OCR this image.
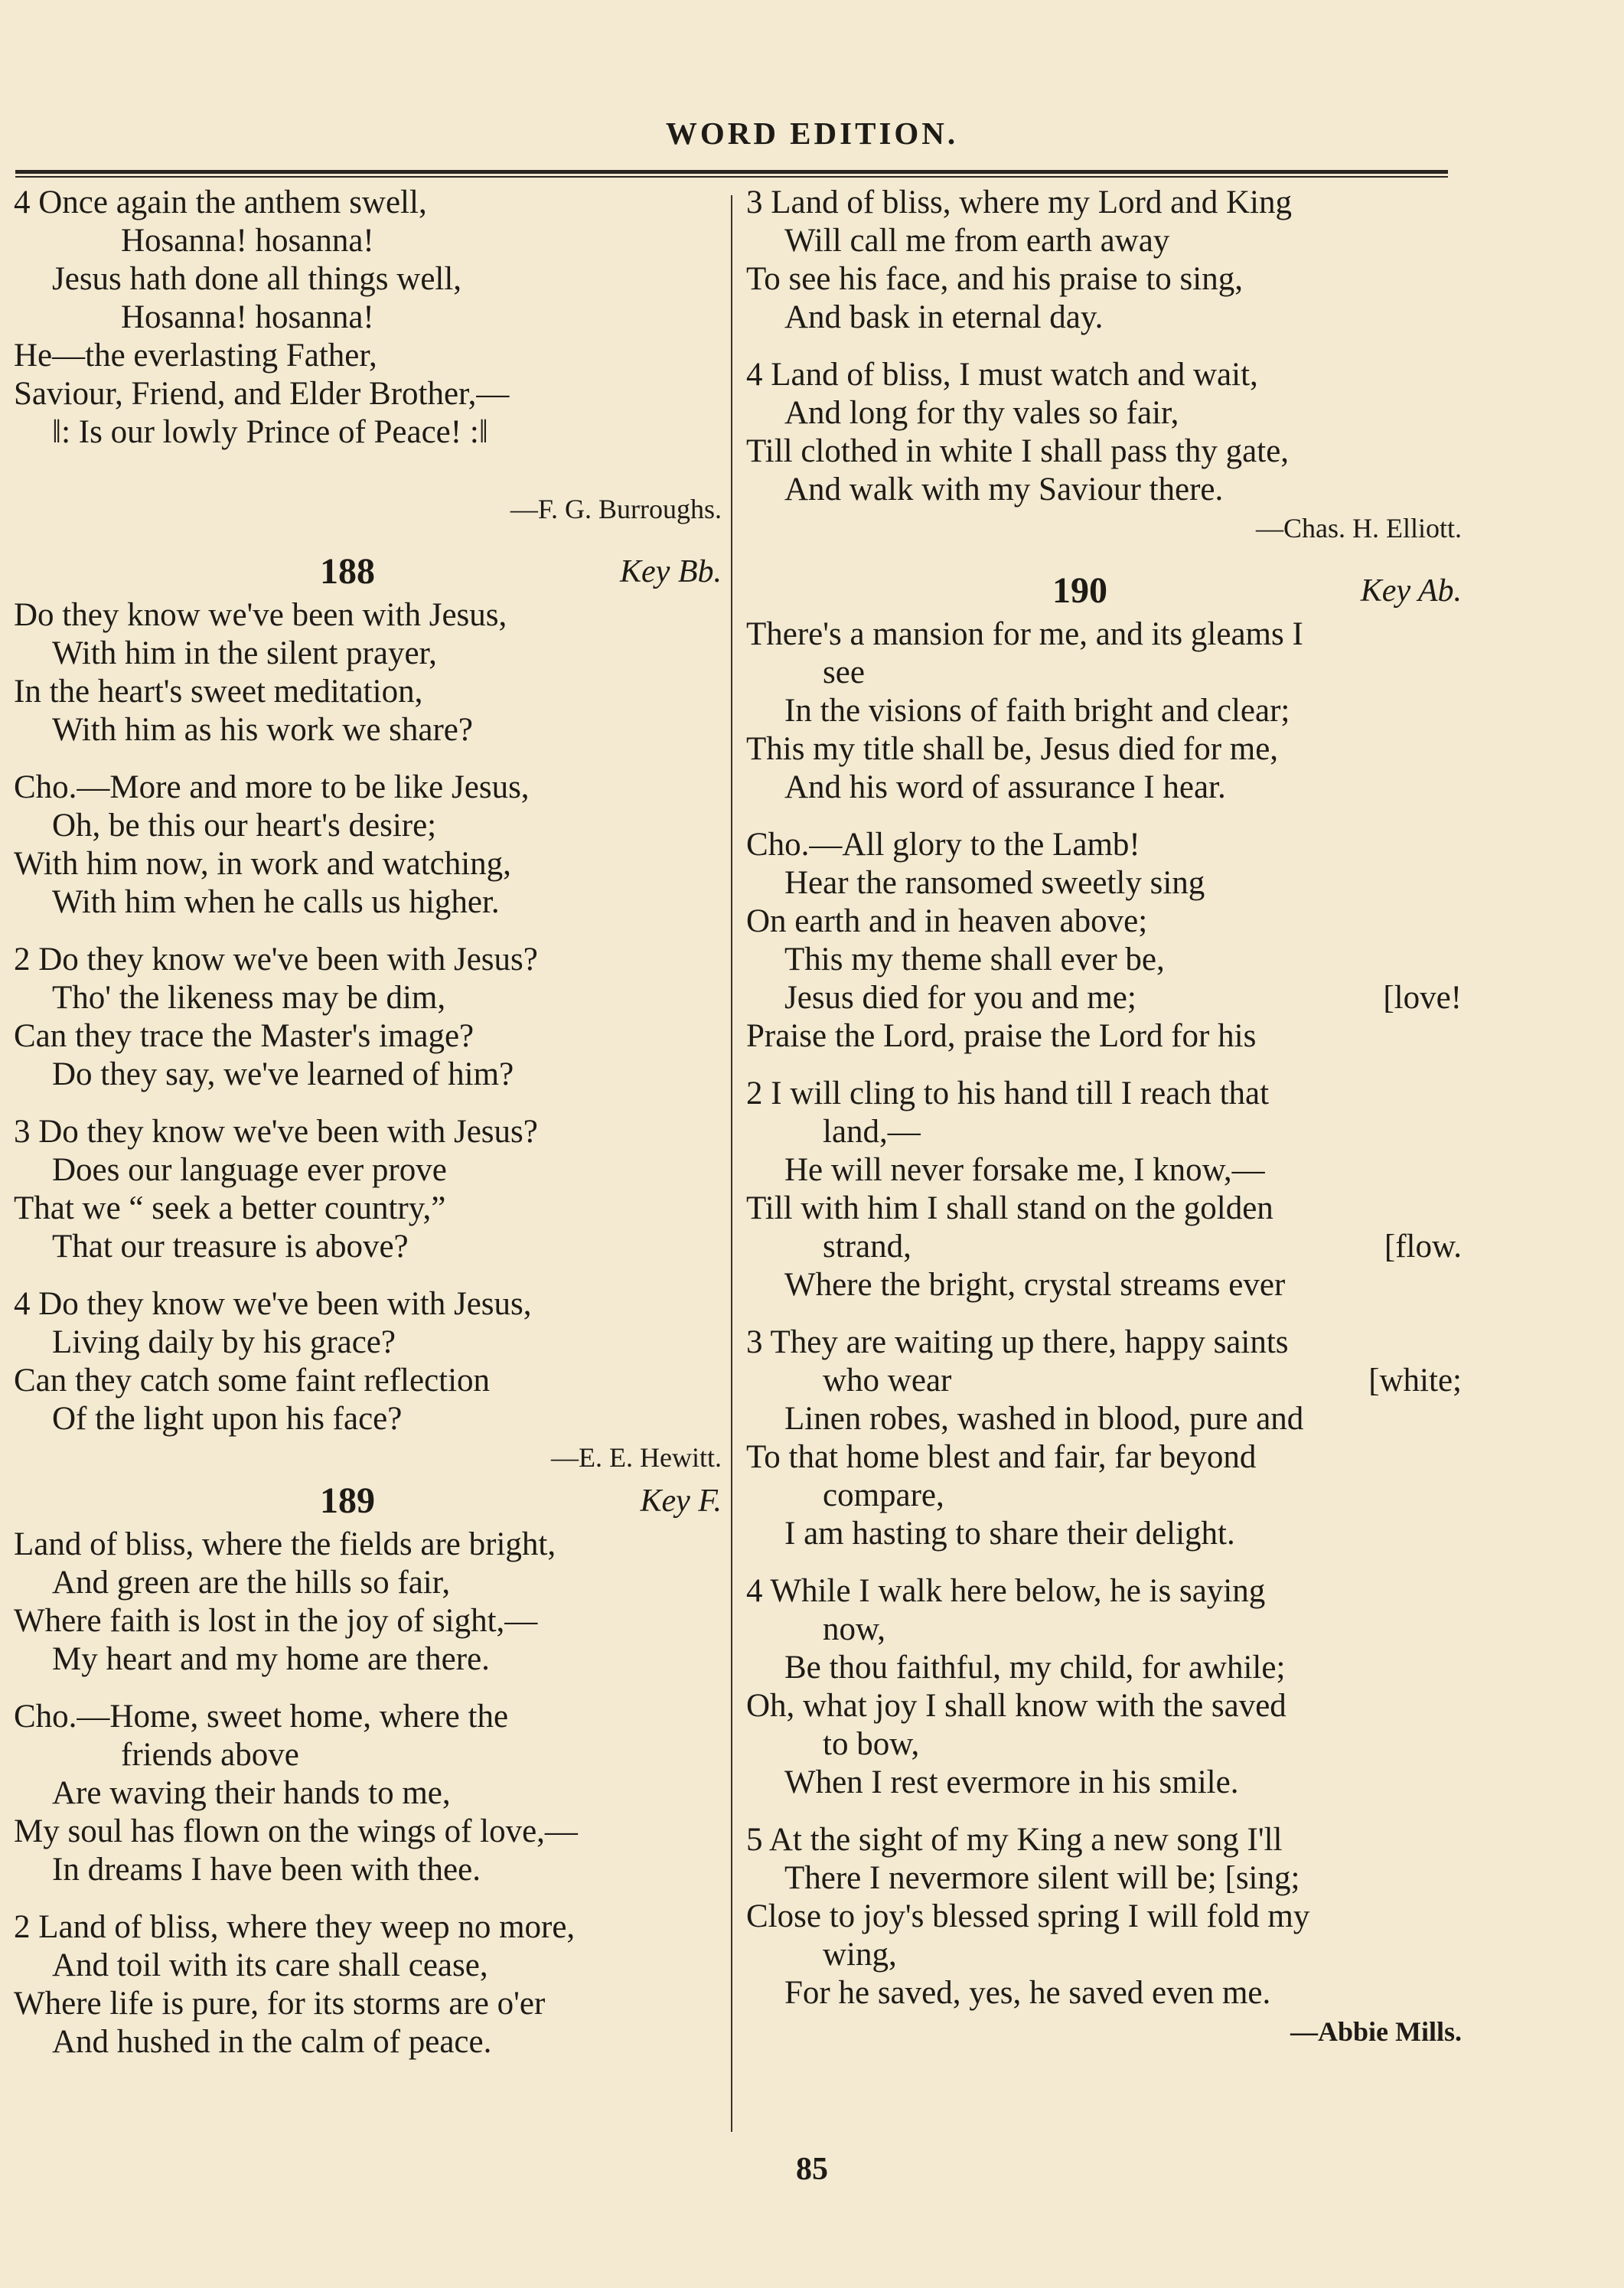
WORD EDITION.
4 Once again the anthem swell,
Hosanna! hosanna!
Jesus hath done all things well,
Hosanna! hosanna!
He—the everlasting Father,
Saviour, Friend, and Elder Brother,—
‖: Is our lowly Prince of Peace! :‖

—F. G. Burroughs.
188	Key Bb.
Do they know we've been with Jesus,
With him in the silent prayer,
In the heart's sweet meditation,
With him as his work we share?
Cho.—More and more to be like Jesus,
Oh, be this our heart's desire;
With him now, in work and watching,
With him when he calls us higher.
2 Do they know we've been with Jesus?
Tho' the likeness may be dim,
Can they trace the Master's image?
Do they say, we've learned of him?
3 Do they know we've been with Jesus?
Does our language ever prove
That we “ seek a better country,”
That our treasure is above?
4 Do they know we've been with Jesus,
Living daily by his grace?
Can they catch some faint reflection
Of the light upon his face?
—E. E. Hewitt.
189	Key F.
Land of bliss, where the fields are bright,
And green are the hills so fair,
Where faith is lost in the joy of sight,—
My heart and my home are there.
Cho.—Home, sweet home, where the
friends above
Are waving their hands to me,
My soul has flown on the wings of love,—
In dreams I have been with thee.
2 Land of bliss, where they weep no more,
And toil with its care shall cease,
Where life is pure, for its storms are o'er
And hushed in the calm of peace.
3 Land of bliss, where my Lord and King
Will call me from earth away
To see his face, and his praise to sing,
And bask in eternal day.
4 Land of bliss, I must watch and wait,
And long for thy vales so fair,
Till clothed in white I shall pass thy gate,
And walk with my Saviour there.
—Chas. H. Elliott.
190	Key Ab.
There's a mansion for me, and its gleams I
see
In the visions of faith bright and clear;
This my title shall be, Jesus died for me,
And his word of assurance I hear.
Cho.—All glory to the Lamb!
Hear the ransomed sweetly sing
On earth and in heaven above;
This my theme shall ever be,
Jesus died for you and me;	[love!
Praise the Lord, praise the Lord for his
2 I will cling to his hand till I reach that
land,—
He will never forsake me, I know,—
Till with him I shall stand on the golden
strand,	[flow.
Where the bright, crystal streams ever
3 They are waiting up there, happy saints
who wear	[white;
Linen robes, washed in blood, pure and
To that home blest and fair, far beyond
compare,
I am hasting to share their delight.
4 While I walk here below, he is saying
now,
Be thou faithful, my child, for awhile;
Oh, what joy I shall know with the saved
to bow,
When I rest evermore in his smile.
5 At the sight of my King a new song I'll
There I nevermore silent will be; [sing;
Close to joy's blessed spring I will fold my
wing,
For he saved, yes, he saved even me.
—Abbie Mills.
85
